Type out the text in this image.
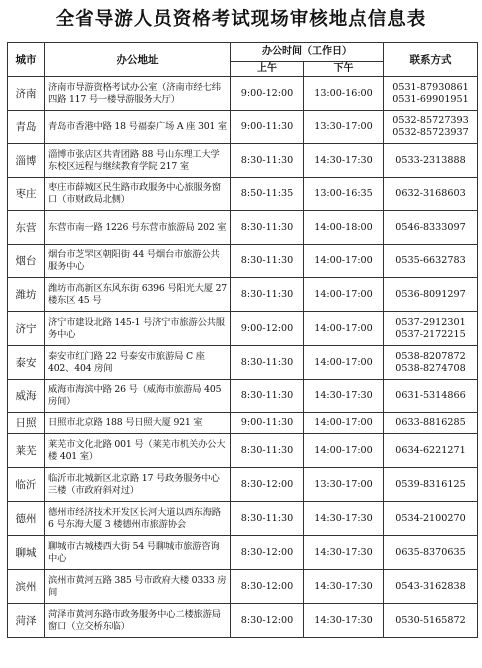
全省导游人员资格考试现场审核地点信息表
城市	办公地址	办公时间（工作日）		联系方式
		上午	下午	
济南	济南市导游资格考试办公室（济南市经七纬四路 117 号一楼导游服务大厅）	9:00-12:00	13:00-16:00	0531-87930861
0531-69901951

青岛	青岛市香港中路 18 号福泰广场 A 座 301 室	9:00-11:30	13:30-17:00	0532-85727393
0532-85723937

淄博	淄博市张店区共青团路 88 号山东理工大学东校区远程与继续教育学院 217 室	8:30-11:30	14:30-17:30	0533-2313888

枣庄	枣庄市薛城区民生路市政服务中心旅服务窗口（市财政局北侧）	8:50-11:35	13:00-16:35	0632-3168603

东营	东营市南一路 1226 号东营市旅游局 202 室	8:30-11:30	14:00-18:00	0546-8333097

烟台	烟台市芝罘区朝阳街 44 号烟台市旅游公共服务中心	8:30-11:30	14:00-17:00	0535-6632783

潍坊	潍坊市高新区东风东街 6396 号阳光大厦 27 楼东区 45 号	8:30-11:30	14:00-17:00	0536-8091297

济宁	济宁市建设北路 145-1 号济宁市旅游公共服务中心	9:00-12:00	14:00-17:00	0537-2912301
0537-2172215

泰安	泰安市红门路 22 号泰安市旅游局 C 座 402、404 房间	8:30-11:30	14:00-17:00	0538-8207872
0538-8274708

威海	威海市海滨中路 26 号（威海市旅游局 405 房间）	8:30-11:30	14:30-17:30	0631-5314866

日照	日照市北京路 188 号日照大厦 921 室	9:00-11:30	14:00-17:00	0633-8816285

莱芜	莱芜市文化北路 001 号（莱芜市机关办公大楼 401 室）	8:30-11:30	14:00-17:00	0634-6221271

临沂	临沂市北城新区北京路 17 号政务服务中心三楼（市政府斜对过）	8:30-12:00	13:30-17:00	0539-8316125

德州	德州市经济技术开发区长河大道以西东海路 6 号东海大厦 3 楼德州市旅游协会	8:30-11:30	14:30-17:30	0534-2100270

聊城	聊城市古城楼西大街 54 号聊城市旅游咨询中心	8:30-12:00	14:30-17:30	0635-8370635

滨州	滨州市黄河五路 385 号市政府大楼 0333 房间	8:30-12:00	14:30-17:30	0543-3162838

菏泽	菏泽市黄河东路市政务服务中心二楼旅游局窗口（立交桥东临）	8:30-12:00	14:30-17:30	0530-5165872
